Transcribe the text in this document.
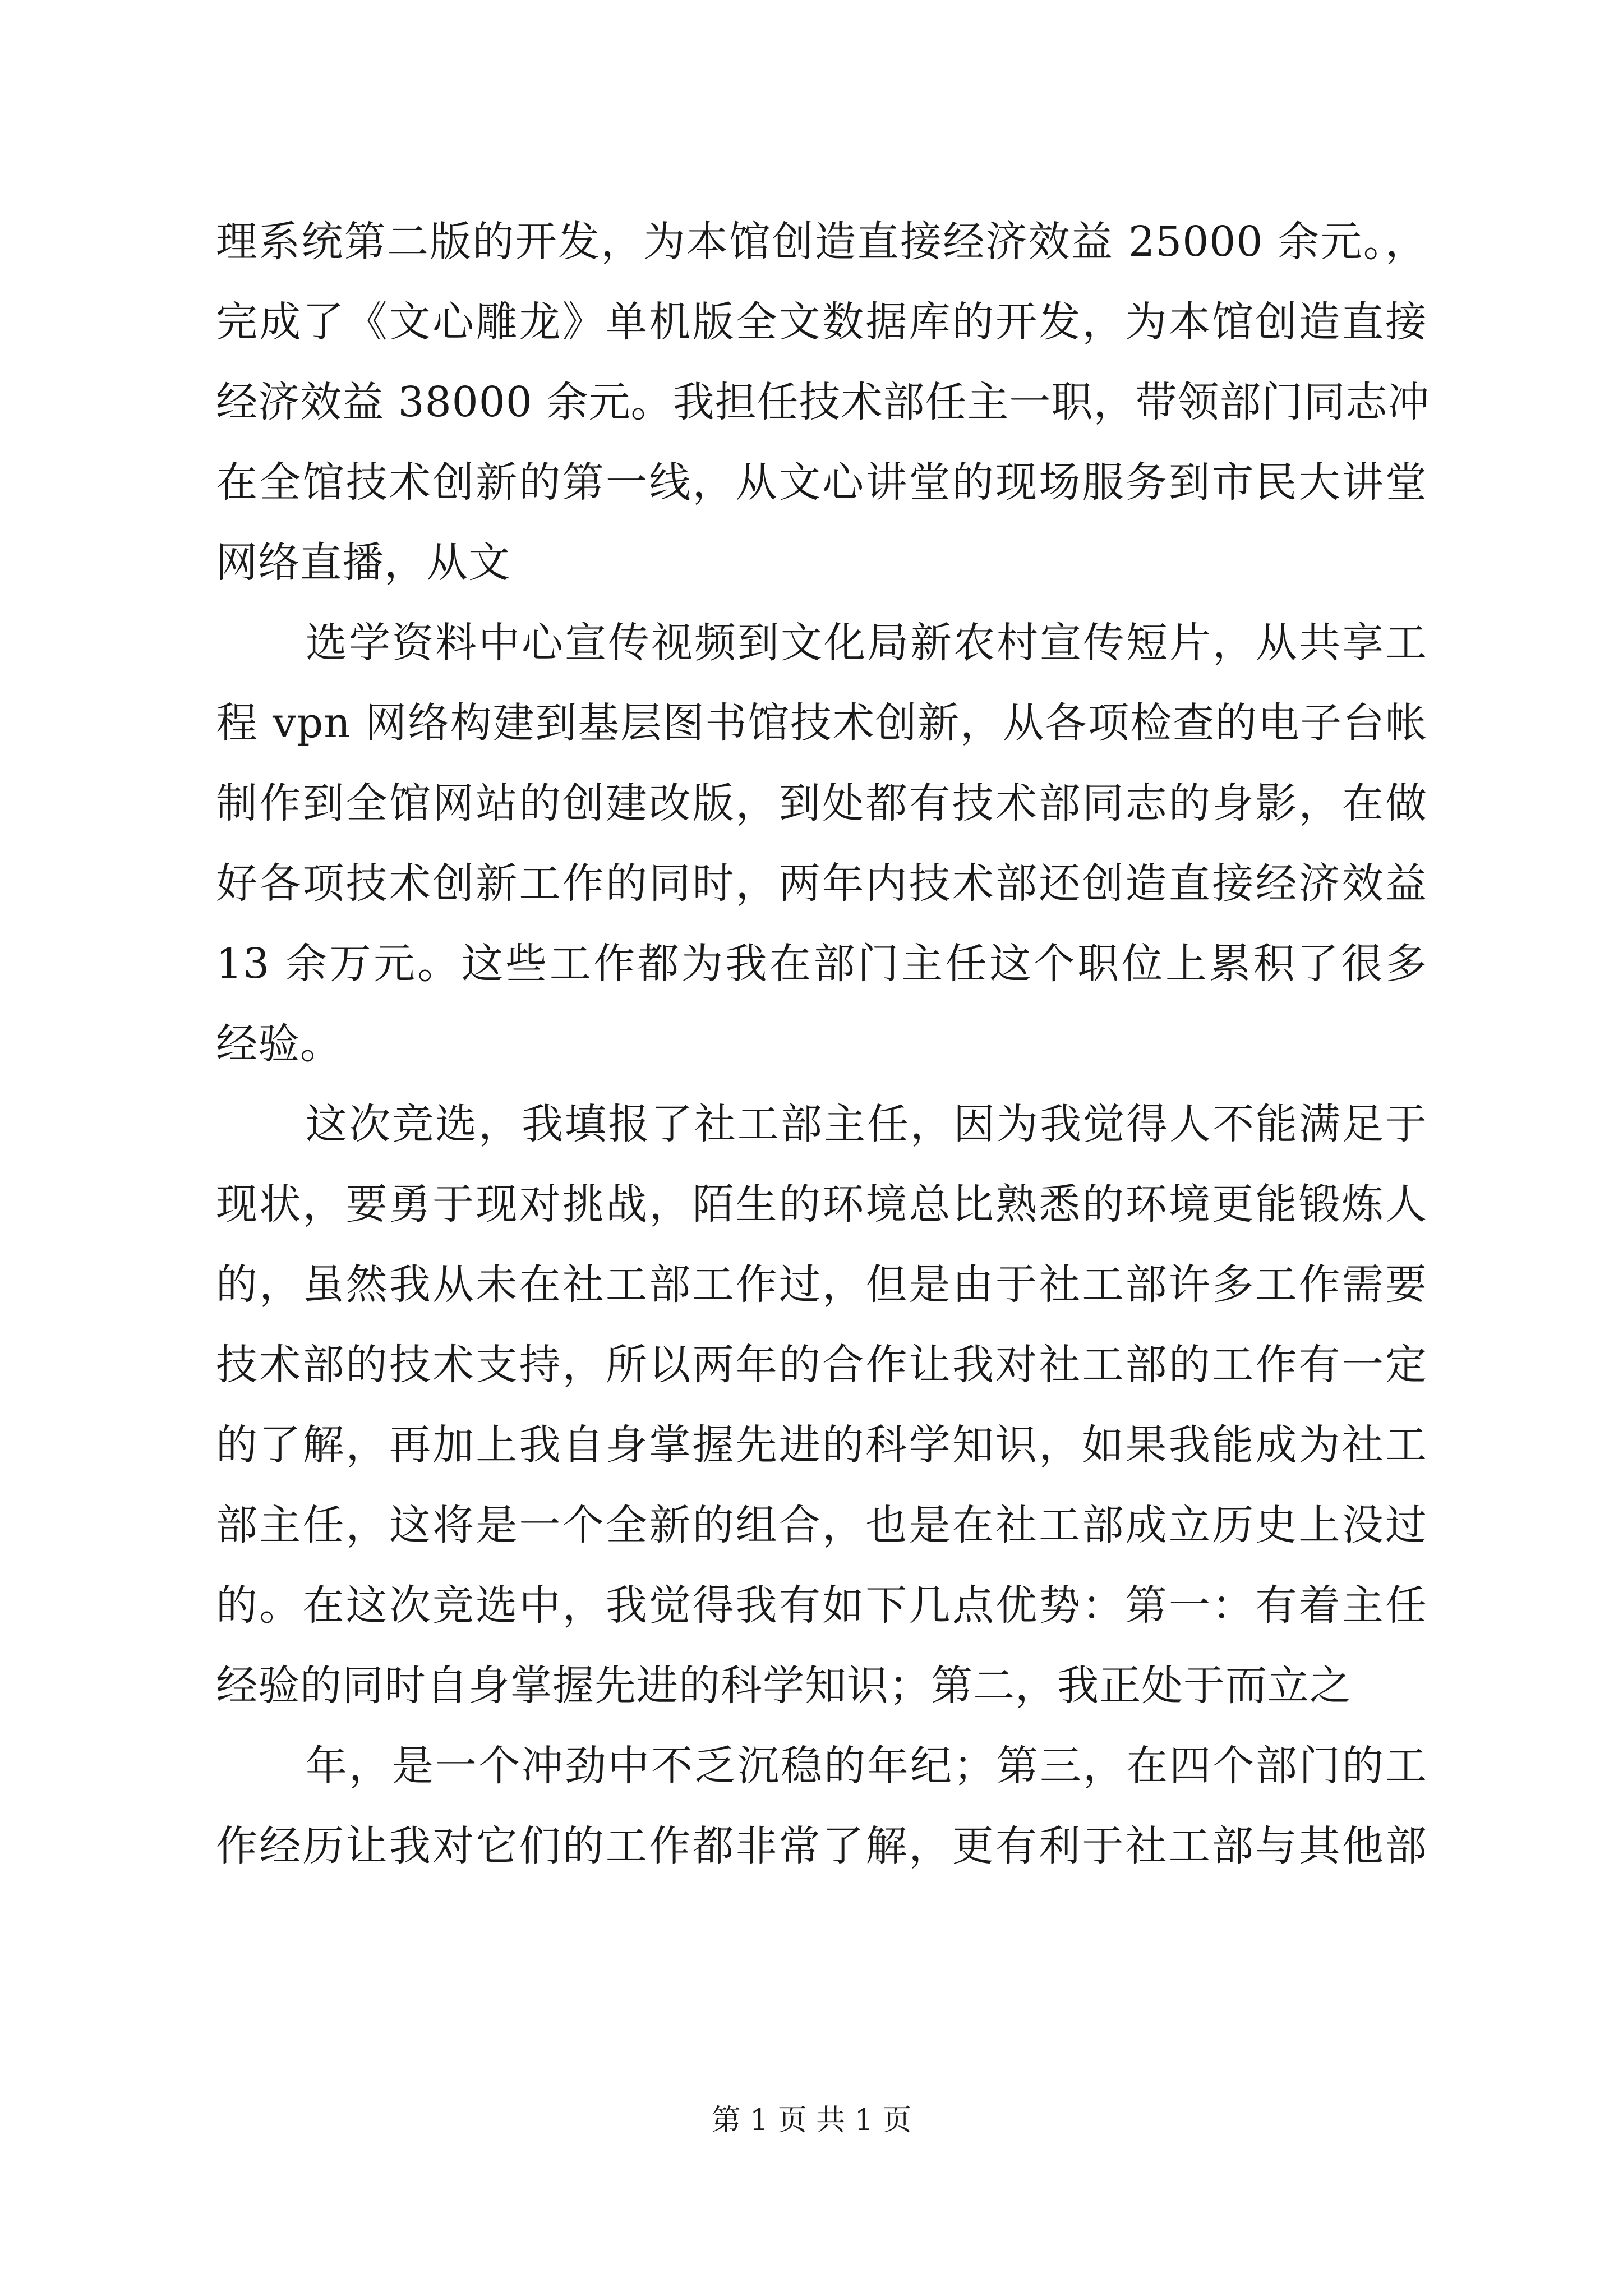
理系统第二版的开发，为本馆创造直接经济效益 25000 余元。，
完成了《文心雕龙》单机版全文数据库的开发，为本馆创造直接
经济效益 38000 余元。我担任技术部任主一职，带领部门同志冲
在全馆技术创新的第一线，从文心讲堂的现场服务到市民大讲堂
网络直播，从文
选学资料中心宣传视频到文化局新农村宣传短片，从共享工
程 vpn 网络构建到基层图书馆技术创新，从各项检查的电子台帐
制作到全馆网站的创建改版，到处都有技术部同志的身影，在做
好各项技术创新工作的同时，两年内技术部还创造直接经济效益
13 余万元。这些工作都为我在部门主任这个职位上累积了很多
经验。
这次竞选，我填报了社工部主任，因为我觉得人不能满足于
现状，要勇于现对挑战，陌生的环境总比熟悉的环境更能锻炼人
的，虽然我从未在社工部工作过，但是由于社工部许多工作需要
技术部的技术支持，所以两年的合作让我对社工部的工作有一定
的了解，再加上我自身掌握先进的科学知识，如果我能成为社工
部主任，这将是一个全新的组合，也是在社工部成立历史上没过
的。在这次竞选中，我觉得我有如下几点优势：第一：有着主任
经验的同时自身掌握先进的科学知识；第二，我正处于而立之
年，是一个冲劲中不乏沉稳的年纪；第三，在四个部门的工
作经历让我对它们的工作都非常了解，更有利于社工部与其他部
第 1 页 共 1 页
